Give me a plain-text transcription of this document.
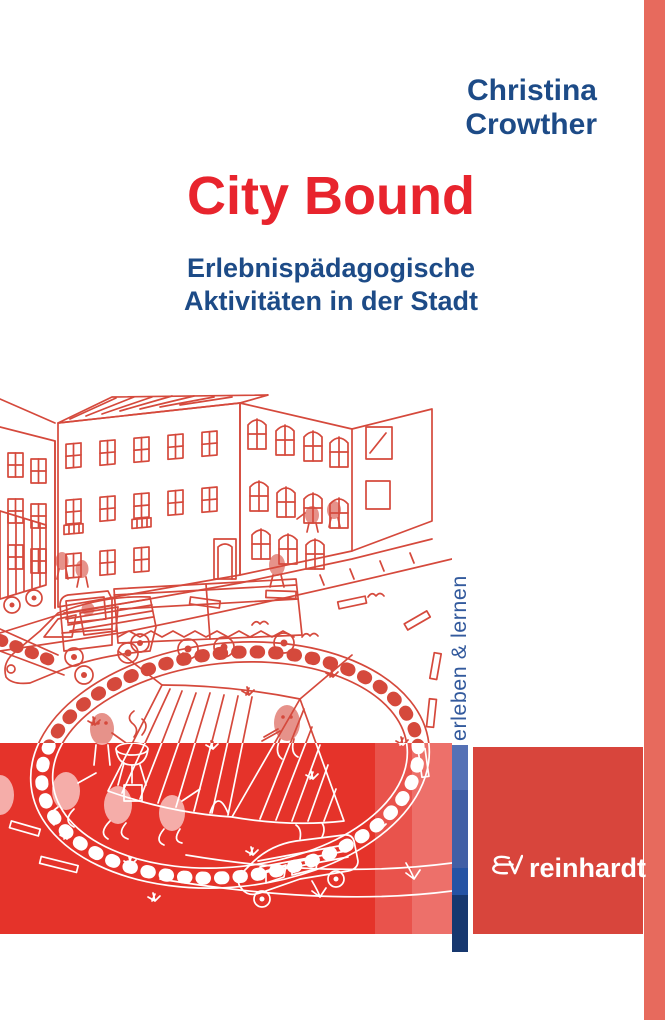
Christina
Crowther
City Bound
Erlebnispädagogische
Aktivitäten in der Stadt
erleben & lernen
reinhardt
